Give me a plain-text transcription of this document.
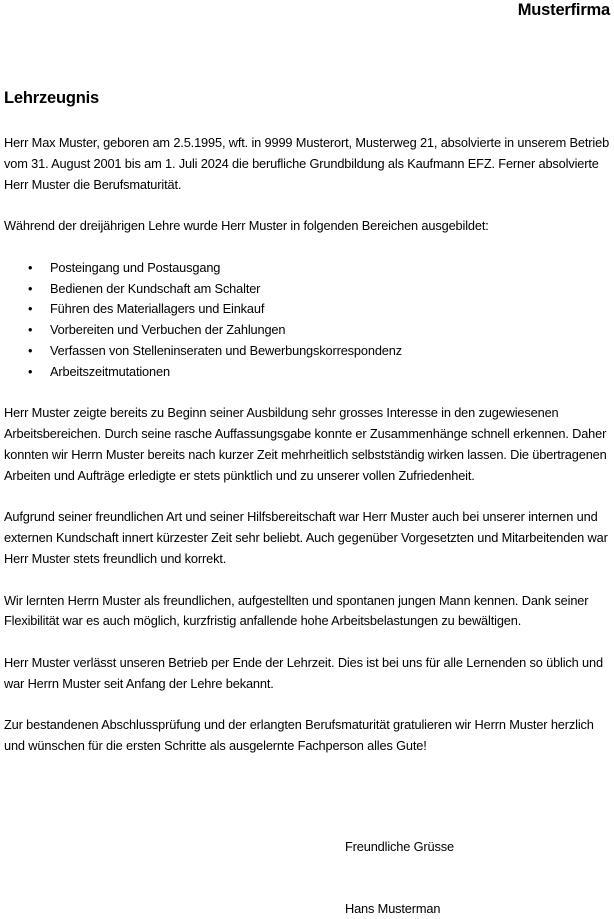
Musterfirma
Lehrzeugnis

Herr Max Muster, geboren am 2.5.1995, wft. in 9999 Musterort, Musterweg 21, absolvierte in unserem Betrieb vom 31. August 2001 bis am 1. Juli 2024 die berufliche Grundbildung als Kaufmann EFZ. Ferner absolvierte Herr Muster die Berufsmaturität.

Während der dreijährigen Lehre wurde Herr Muster in folgenden Bereichen ausgebildet:

• Posteingang und Postausgang
• Bedienen der Kundschaft am Schalter
• Führen des Materiallagers und Einkauf
• Vorbereiten und Verbuchen der Zahlungen
• Verfassen von Stelleninseraten und Bewerbungskorrespondenz
• Arbeitszeitmutationen

Herr Muster zeigte bereits zu Beginn seiner Ausbildung sehr grosses Interesse in den zugewiesenen Arbeitsbereichen. Durch seine rasche Auffassungsgabe konnte er Zusammenhänge schnell erkennen. Daher konnten wir Herrn Muster bereits nach kurzer Zeit mehrheitlich selbstständig wirken lassen. Die übertragenen Arbeiten und Aufträge erledigte er stets pünktlich und zu unserer vollen Zufriedenheit.

Aufgrund seiner freundlichen Art und seiner Hilfsbereitschaft war Herr Muster auch bei unserer internen und externen Kundschaft innert kürzester Zeit sehr beliebt. Auch gegenüber Vorgesetzten und Mitarbeitenden war Herr Muster stets freundlich und korrekt.

Wir lernten Herrn Muster als freundlichen, aufgestellten und spontanen jungen Mann kennen. Dank seiner Flexibilität war es auch möglich, kurzfristig anfallende hohe Arbeitsbelastungen zu bewältigen.

Herr Muster verlässt unseren Betrieb per Ende der Lehrzeit. Dies ist bei uns für alle Lernenden so üblich und war Herrn Muster seit Anfang der Lehre bekannt.

Zur bestandenen Abschlussprüfung und der erlangten Berufsmaturität gratulieren wir Herrn Muster herzlich und wünschen für die ersten Schritte als ausgelernte Fachperson alles Gute!

Freundliche Grüsse
Hans Musterman
